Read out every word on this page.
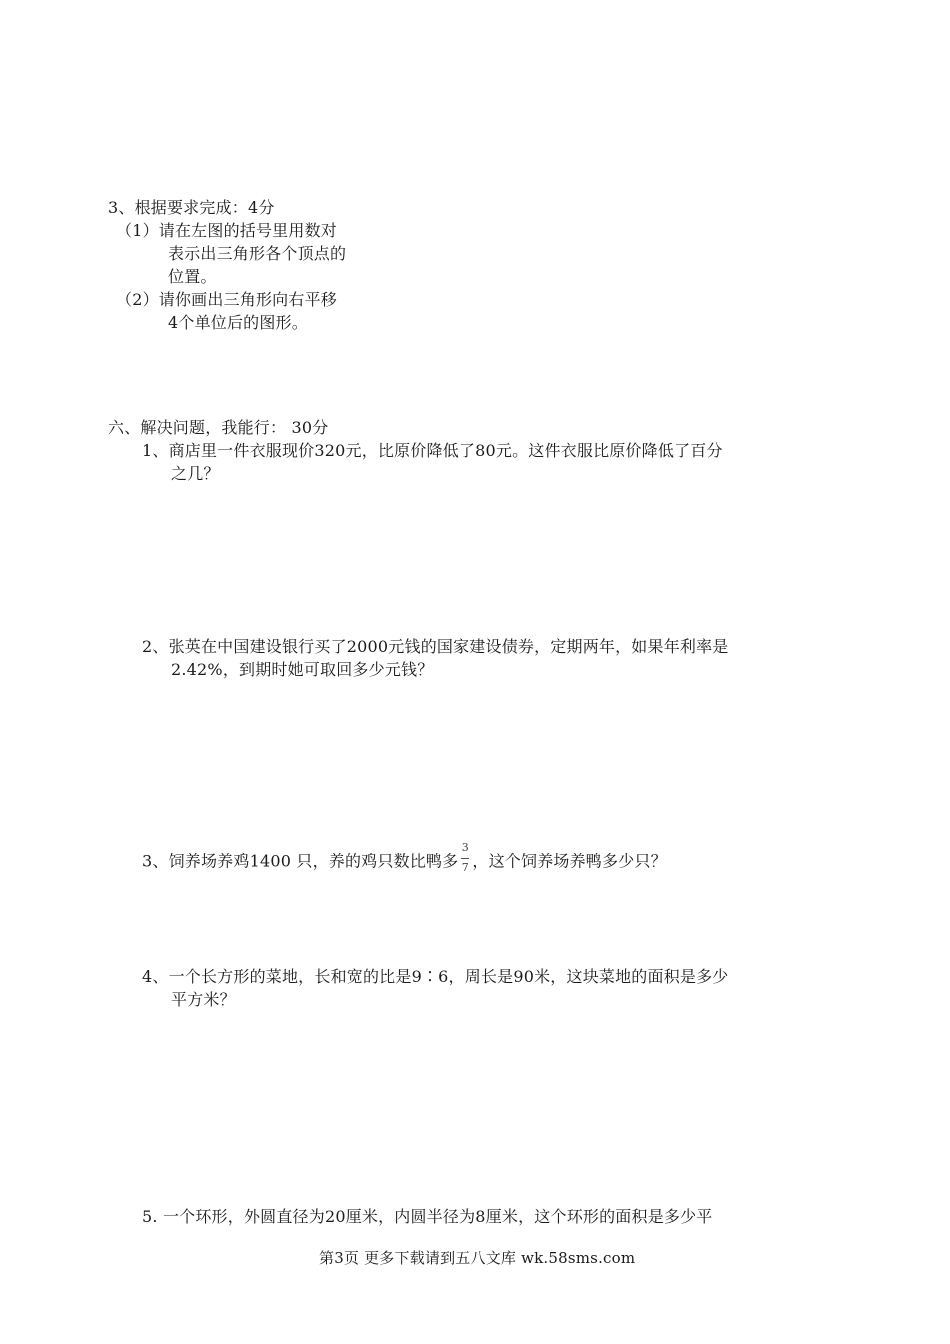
3、根据要求完成：4分
（1）请在左图的括号里用数对
表示出三角形各个顶点的
位置。
（2）请你画出三角形向右平移
4个单位后的图形。
六、解决问题，我能行： 30分
1、商店里一件衣服现价320元，比原价降低了80元。这件衣服比原价降低了百分
之几？
2、张英在中国建设银行买了2000元钱的国家建设债券，定期两年，如果年利率是
2.42%，到期时她可取回多少元钱？
3、饲养场养鸡1400 只，养的鸡只数比鸭多 $\frac{3}{7}$ ，这个饲养场养鸭多少只？
4、一个长方形的菜地，长和宽的比是9∶6，周长是90米，这块菜地的面积是多少
平方米？
5. 一个环形，外圆直径为20厘米，内圆半径为8厘米，这个环形的面积是多少平
第3页 更多下载请到五八文库 wk.58sms.com
